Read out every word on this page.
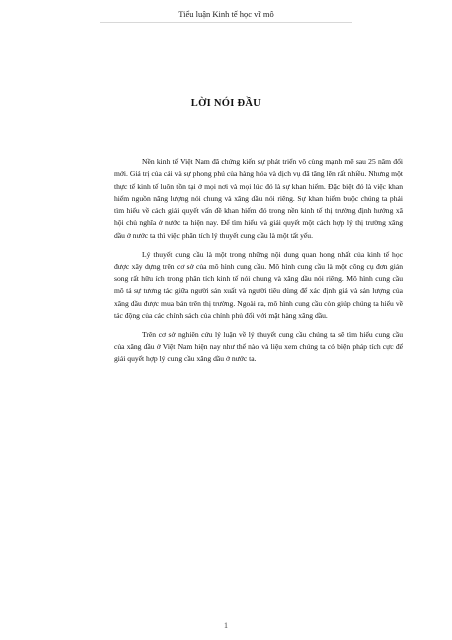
Tiểu luận Kinh tế học vĩ mô
LỜI NÓI ĐẦU

Nền kinh tế Việt Nam đã chứng kiến sự phát triển vô cùng mạnh mẽ sau 25 năm đổi mới. Giá trị của cải và sự phong phú của hàng hóa và dịch vụ đã tăng lên rất nhiều. Nhưng một thực tế kinh tế luôn tồn tại ở mọi nơi và mọi lúc đó là sự khan hiếm. Đặc biệt đó là việc khan hiếm nguồn năng lượng nói chung và xăng dầu nói riêng. Sự khan hiếm buộc chúng ta phải tìm hiểu về cách giải quyết vấn đề khan hiếm đó trong nền kinh tế thị trường định hướng xã hội chủ nghĩa ở nước ta hiện nay. Để tìm hiểu và giải quyết một cách hợp lý thị trường xăng dầu ở nước ta thì việc phân tích lý thuyết cung cầu là một tất yếu.

Lý thuyết cung cầu là một trong những nội dung quan hong nhất của kinh tế học được xây dựng trên cơ sở của mô hình cung cầu. Mô hình cung cầu là một công cụ đơn giản song rất hữu ích trong phân tích kinh tế nói chung và xăng dầu nói riêng. Mô hình cung cầu mô tả sự tương tác giữa người sản xuất và người tiêu dùng để xác định giá và sản lượng của xăng dầu được mua bán trên thị trường. Ngoài ra, mô hình cung cầu còn giúp chúng ta hiểu về tác động của các chính sách của chính phủ đối với mặt hàng xăng dầu.

Trên cơ sở nghiên cứu lý luận về lý thuyết cung cầu chúng ta sẽ tìm hiểu cung cầu của xăng dầu ở Việt Nam hiện nay như thế nào và liệu xem chúng ta có biện pháp tích cực để giải quyết hợp lý cung cầu xăng dầu ở nước ta.

1
